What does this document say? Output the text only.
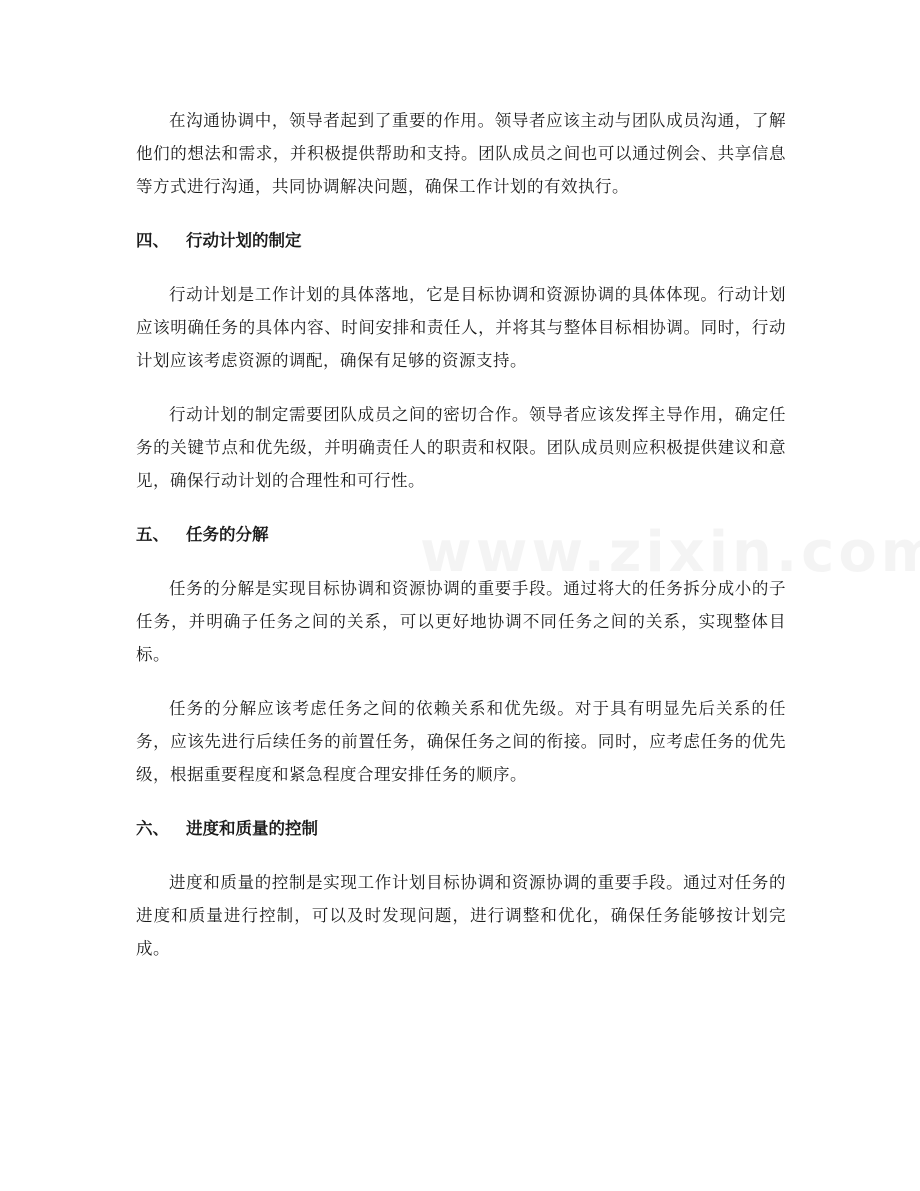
在沟通协调中，领导者起到了重要的作用。领导者应该主动与团队成员沟通，了解他们的想法和需求，并积极提供帮助和支持。团队成员之间也可以通过例会、共享信息等方式进行沟通，共同协调解决问题，确保工作计划的有效执行。

四、 行动计划的制定

行动计划是工作计划的具体落地，它是目标协调和资源协调的具体体现。行动计划应该明确任务的具体内容、时间安排和责任人，并将其与整体目标相协调。同时，行动计划应该考虑资源的调配，确保有足够的资源支持。

行动计划的制定需要团队成员之间的密切合作。领导者应该发挥主导作用，确定任务的关键节点和优先级，并明确责任人的职责和权限。团队成员则应积极提供建议和意见，确保行动计划的合理性和可行性。

五、 任务的分解

任务的分解是实现目标协调和资源协调的重要手段。通过将大的任务拆分成小的子任务，并明确子任务之间的关系，可以更好地协调不同任务之间的关系，实现整体目标。

任务的分解应该考虑任务之间的依赖关系和优先级。对于具有明显先后关系的任务，应该先进行后续任务的前置任务，确保任务之间的衔接。同时，应考虑任务的优先级，根据重要程度和紧急程度合理安排任务的顺序。

六、 进度和质量的控制

进度和质量的控制是实现工作计划目标协调和资源协调的重要手段。通过对任务的进度和质量进行控制，可以及时发现问题，进行调整和优化，确保任务能够按计划完成。
